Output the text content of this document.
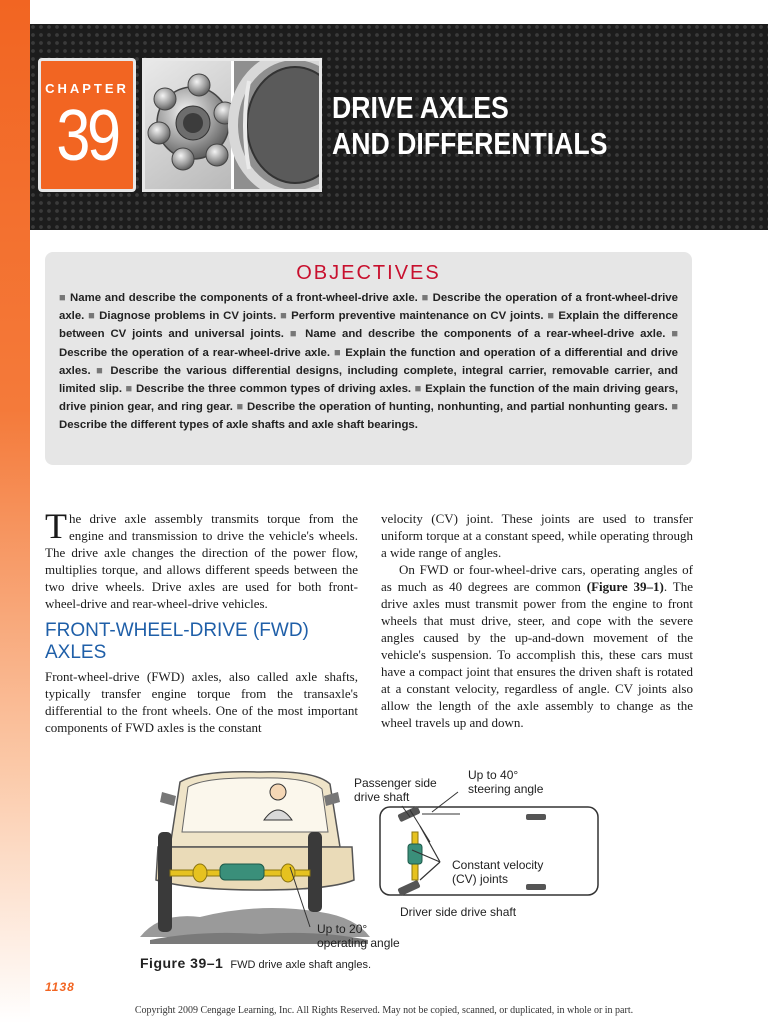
CHAPTER
39	DRIVE AXLES
AND DIFFERENTIALS
OBJECTIVES
■ Name and describe the components of a front-wheel-drive axle. ■ Describe the operation of a front-wheel-drive axle. ■ Diagnose problems in CV joints. ■ Perform preventive maintenance on CV joints. ■ Explain the difference between CV joints and universal joints. ■ Name and describe the components of a rear-wheel-drive axle. ■ Describe the operation of a rear-wheel-drive axle. ■ Explain the function and operation of a differential and drive axles. ■ Describe the various differential designs, including complete, integral carrier, removable carrier, and limited slip. ■ Describe the three common types of driving axles. ■ Explain the function of the main driving gears, drive pinion gear, and ring gear. ■ Describe the operation of hunting, nonhunting, and partial nonhunting gears. ■ Describe the different types of axle shafts and axle shaft bearings.

The drive axle assembly transmits torque from the engine and transmission to drive the vehicle's wheels. The drive axle changes the direction of the power flow, multiplies torque, and allows different speeds between the two drive wheels. Drive axles are used for both front-wheel-drive and rear-wheel-drive vehicles.

FRONT-WHEEL-DRIVE (FWD) AXLES

Front-wheel-drive (FWD) axles, also called axle shafts, typically transfer engine torque from the transaxle's differential to the front wheels. One of the most important components of FWD axles is the constant

velocity (CV) joint. These joints are used to transfer uniform torque at a constant speed, while operating through a wide range of angles.

On FWD or four-wheel-drive cars, operating angles of as much as 40 degrees are common (Figure 39–1). The drive axles must transmit power from the engine to front wheels that must drive, steer, and cope with the severe angles caused by the up-and-down movement of the vehicle's suspension. To accomplish this, these cars must have a compact joint that ensures the driven shaft is rotated at a constant velocity, regardless of angle. CV joints also allow the length of the axle assembly to change as the wheel travels up and down.

Passenger side
drive shaft
Up to 40°
steering angle
Constant velocity
(CV) joints
Driver side drive shaft
Up to 20°
operating angle
Figure 39–1 FWD drive axle shaft angles.
1138
Copyright 2009 Cengage Learning, Inc. All Rights Reserved. May not be copied, scanned, or duplicated, in whole or in part.
